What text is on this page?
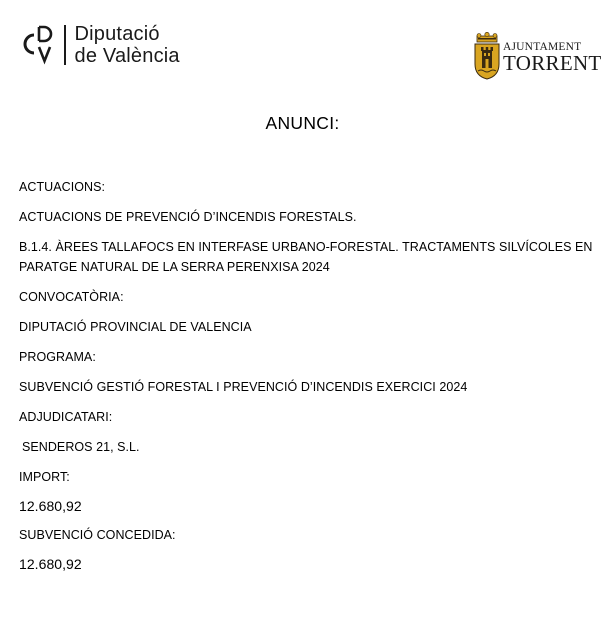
Diputació
de València	AJUNTAMENT
TORRENT
ANUNCI:
ACTUACIONS:
ACTUACIONS DE PREVENCIÓ D’INCENDIS FORESTALS.
B.1.4. ÀREES TALLAFOCS EN INTERFASE URBANO-FORESTAL. TRACTAMENTS SILVÍCOLES EN
PARATGE NATURAL DE LA SERRA PERENXISA 2024
CONVOCATÒRIA:
DIPUTACIÓ PROVINCIAL DE VALENCIA
PROGRAMA:
SUBVENCIÓ GESTIÓ FORESTAL I PREVENCIÓ D’INCENDIS EXERCICI 2024
ADJUDICATARI:
SENDEROS 21, S.L.
IMPORT:
12.680,92
SUBVENCIÓ CONCEDIDA:
12.680,92
